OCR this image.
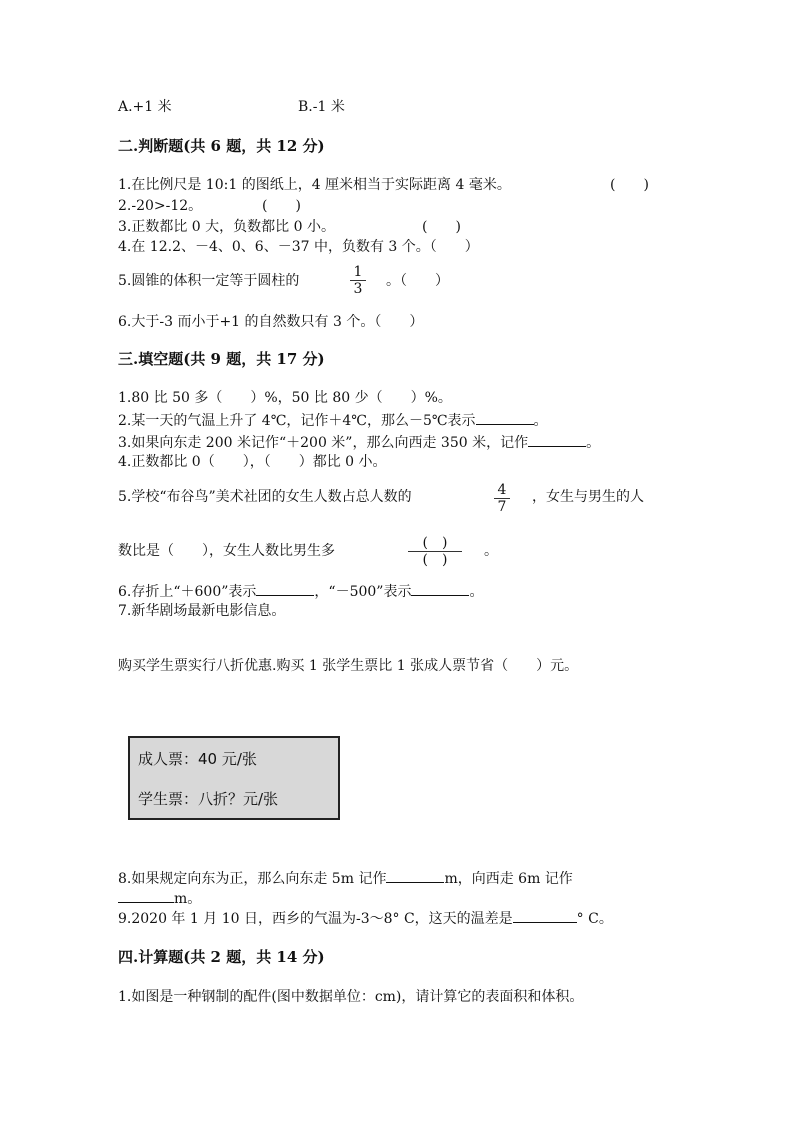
A.+1 米	B.-1 米
二.判断题(共 6 题，共 12 分)
1.在比例尺是 10:1 的图纸上，4 厘米相当于实际距离 4 毫米。	(　　)
2.-20>-12。	(　　)
3.正数都比 0 大，负数都比 0 小。	(　　)
4.在 12.2、－4、0、6、－37 中，负数有 3 个。（　　）
5.圆锥的体积一定等于圆柱的
1
3 。（　　）
6.大于-3 而小于+1 的自然数只有 3 个。（　　）
三.填空题(共 9 题，共 17 分)
1.80 比 50 多（　　）%，50 比 80 少（　　）%。
2.某一天的气温上升了 4℃，记作＋4℃，那么－5℃表示	。
3.如果向东走 200 米记作“＋200 米”，那么向西走 350 米，记作	。
4.正数都比 0（　　），（　　）都比 0 小。
5.学校“布谷鸟”美术社团的女生人数占总人数的	4
7
，女生与男生的人
数比是（　　），女生人数比男生多	(　)
(　)
。
6.存折上“＋600”表示	，“－500”表示	。
7.新华剧场最新电影信息。
购买学生票实行八折优惠.购买 1 张学生票比 1 张成人票节省（　　）元。
成人票：40 元/张
学生票：八折？元/张
8.如果规定向东为正，那么向东走 5m 记作	m，向西走 6m 记作
m。
9.2020 年 1 月 10 日，西乡的气温为-3～8° C，这天的温差是	° C。
四.计算题(共 2 题，共 14 分)
1.如图是一种钢制的配件(图中数据单位：cm)，请计算它的表面积和体积。
